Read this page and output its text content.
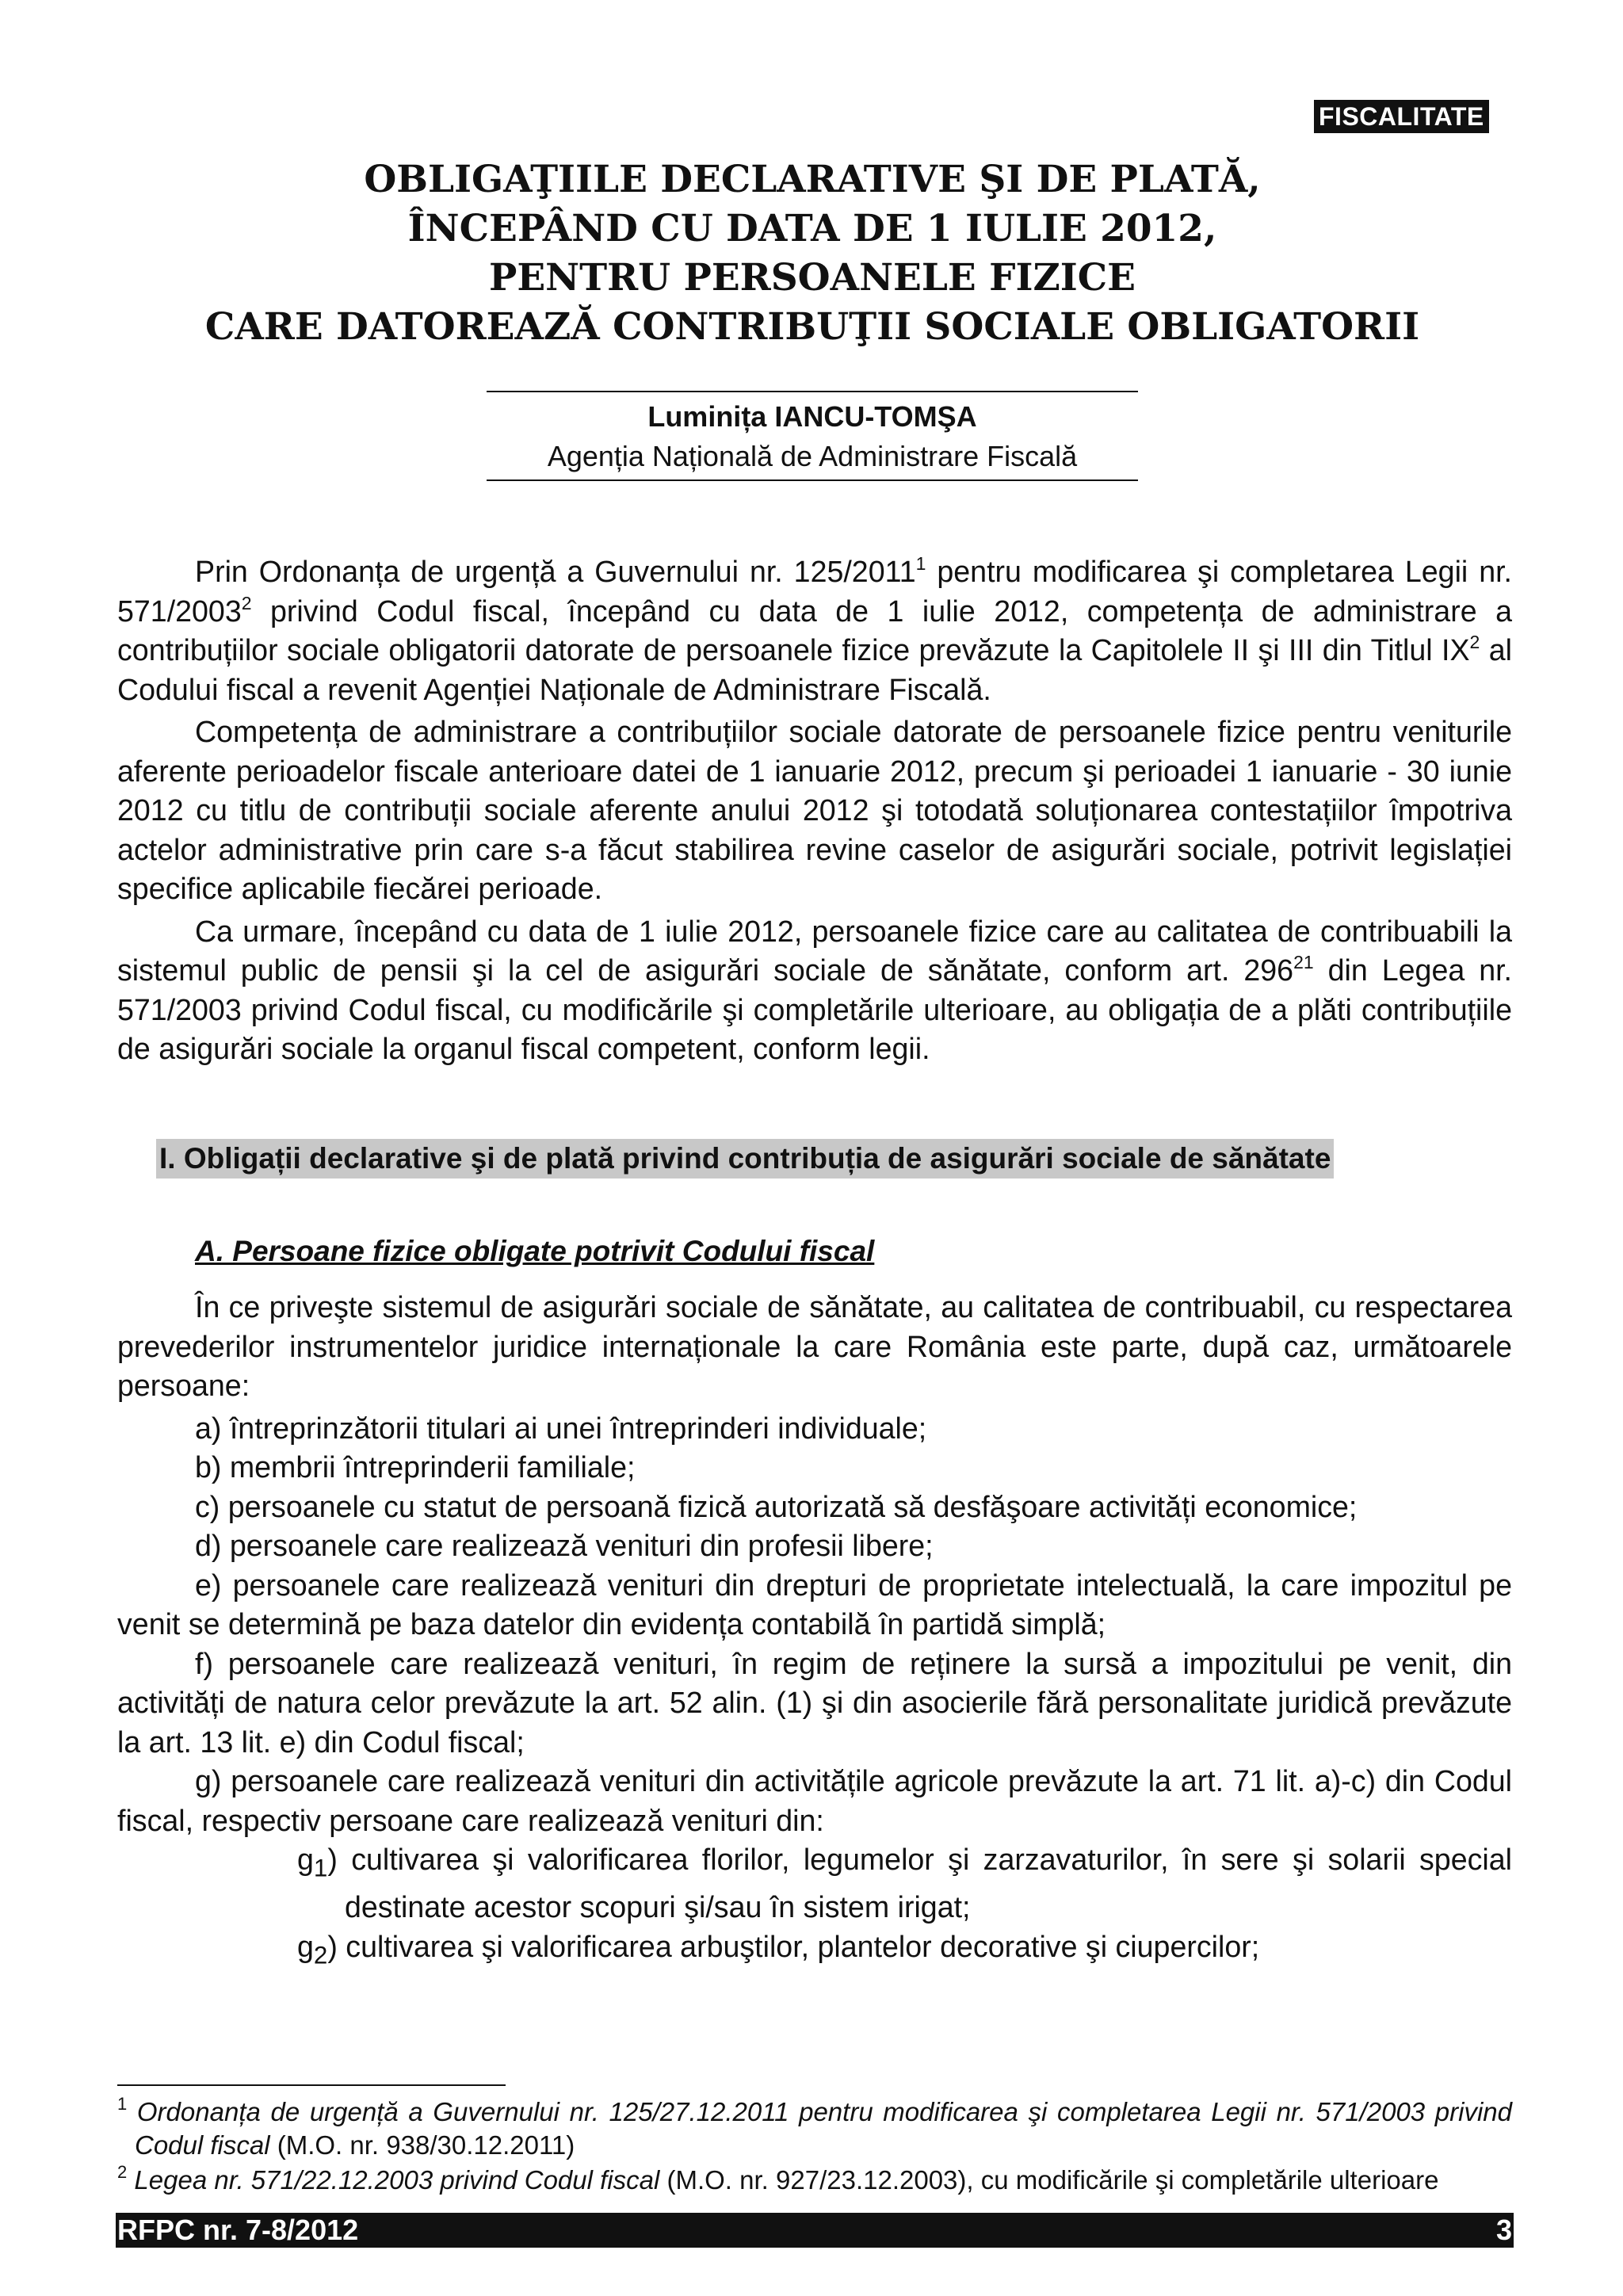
FISCALITATE
OBLIGAŢIILE DECLARATIVE ŞI DE PLATĂ,
ÎNCEPÂND CU DATA DE 1 IULIE 2012,
PENTRU PERSOANELE FIZICE
CARE DATOREAZĂ CONTRIBUŢII SOCIALE OBLIGATORII
Luminița IANCU-TOMŞA
Agenția Națională de Administrare Fiscală

Prin Ordonanța de urgență a Guvernului nr. 125/2011$^1$ pentru modificarea şi completarea Legii nr. 571/2003$^2$ privind Codul fiscal, începând cu data de 1 iulie 2012, competența de administrare a contribuțiilor sociale obligatorii datorate de persoanele fizice prevăzute la Capitolele II şi III din Titlul $IX^2$ al Codului fiscal a revenit Agenției Naționale de Administrare Fiscală.

Competența de administrare a contribuțiilor sociale datorate de persoanele fizice pentru veniturile aferente perioadelor fiscale anterioare datei de 1 ianuarie 2012, precum şi perioadei 1 ianuarie - 30 iunie 2012 cu titlu de contribuții sociale aferente anului 2012 şi totodată soluționarea contestațiilor împotriva actelor administrative prin care s-a făcut stabilirea revine caselor de asigurări sociale, potrivit legislației specifice aplicabile fiecărei perioade.

Ca urmare, începând cu data de 1 iulie 2012, persoanele fizice care au calitatea de contribuabili la sistemul public de pensii şi la cel de asigurări sociale de sănătate, conform art. $296^{21}$ din Legea nr. 571/2003 privind Codul fiscal, cu modificările şi completările ulterioare, au obligația de a plăti contribuțiile de asigurări sociale la organul fiscal competent, conform legii.

I. Obligații declarative şi de plată privind contribuția de asigurări sociale de sănătate
A. Persoane fizice obligate potrivit Codului fiscal

În ce priveşte sistemul de asigurări sociale de sănătate, au calitatea de contribuabil, cu respectarea prevederilor instrumentelor juridice internaționale la care România este parte, după caz, următoarele persoane:

a) întreprinzătorii titulari ai unei întreprinderi individuale;

b) membrii întreprinderii familiale;

c) persoanele cu statut de persoană fizică autorizată să desfăşoare activități economice;

d) persoanele care realizează venituri din profesii libere;

e) persoanele care realizează venituri din drepturi de proprietate intelectuală, la care impozitul pe venit se determină pe baza datelor din evidența contabilă în partidă simplă;

f) persoanele care realizează venituri, în regim de reținere la sursă a impozitului pe venit, din activități de natura celor prevăzute la art. 52 alin. (1) şi din asocierile fără personalitate juridică prevăzute la art. 13 lit. e) din Codul fiscal;

g) persoanele care realizează venituri din activitățile agricole prevăzute la art. 71 lit. a)-c) din Codul fiscal, respectiv persoane care realizează venituri din:

$g_1$) cultivarea şi valorificarea florilor, legumelor şi zarzavaturilor, în sere şi solarii special destinate acestor scopuri şi/sau în sistem irigat;

$g_2$) cultivarea şi valorificarea arbuştilor, plantelor decorative şi ciupercilor;

$^1$ Ordonanța de urgență a Guvernului nr. 125/27.12.2011 pentru modificarea şi completarea Legii nr. 571/2003 privind Codul fiscal (M.O. nr. 938/30.12.2011)

$^2$ Legea nr. 571/22.12.2003 privind Codul fiscal (M.O. nr. 927/23.12.2003), cu modificările şi completările ulterioare

RFPC nr. 7-8/2012	3
